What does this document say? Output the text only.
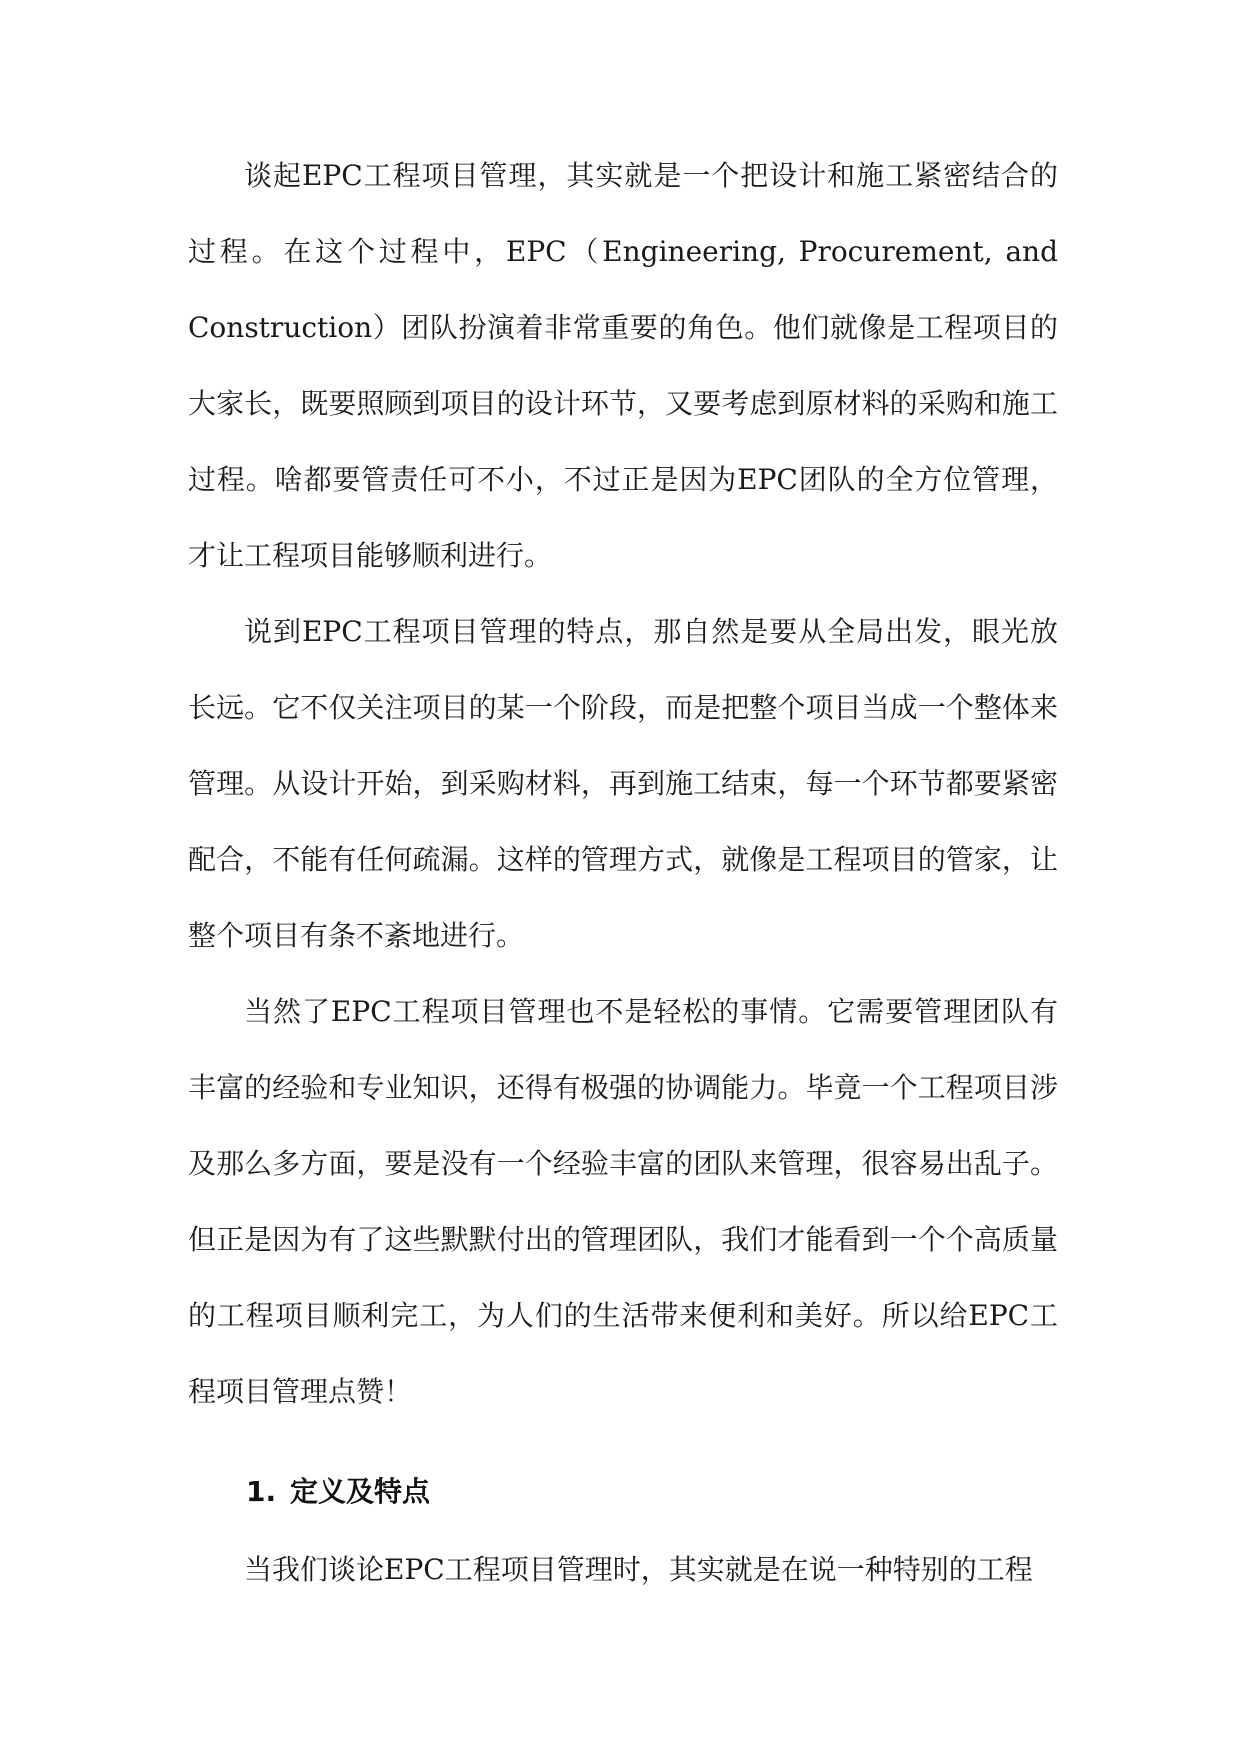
谈起EPC工程项目管理，其实就是一个把设计和施工紧密结合的过程。在这个过程中，EPC（Engineering, Procurement, and Construction）团队扮演着非常重要的角色。他们就像是工程项目的大家长，既要照顾到项目的设计环节，又要考虑到原材料的采购和施工过程。啥都要管责任可不小，不过正是因为EPC团队的全方位管理，才让工程项目能够顺利进行。

说到EPC工程项目管理的特点，那自然是要从全局出发，眼光放长远。它不仅关注项目的某一个阶段，而是把整个项目当成一个整体来管理。从设计开始，到采购材料，再到施工结束，每一个环节都要紧密配合，不能有任何疏漏。这样的管理方式，就像是工程项目的管家，让整个项目有条不紊地进行。

当然了EPC工程项目管理也不是轻松的事情。它需要管理团队有丰富的经验和专业知识，还得有极强的协调能力。毕竟一个工程项目涉及那么多方面，要是没有一个经验丰富的团队来管理，很容易出乱子。但正是因为有了这些默默付出的管理团队，我们才能看到一个个高质量的工程项目顺利完工，为人们的生活带来便利和美好。所以给EPC工程项目管理点赞！

1. 定义及特点

当我们谈论EPC工程项目管理时，其实就是在说一种特别的工程
